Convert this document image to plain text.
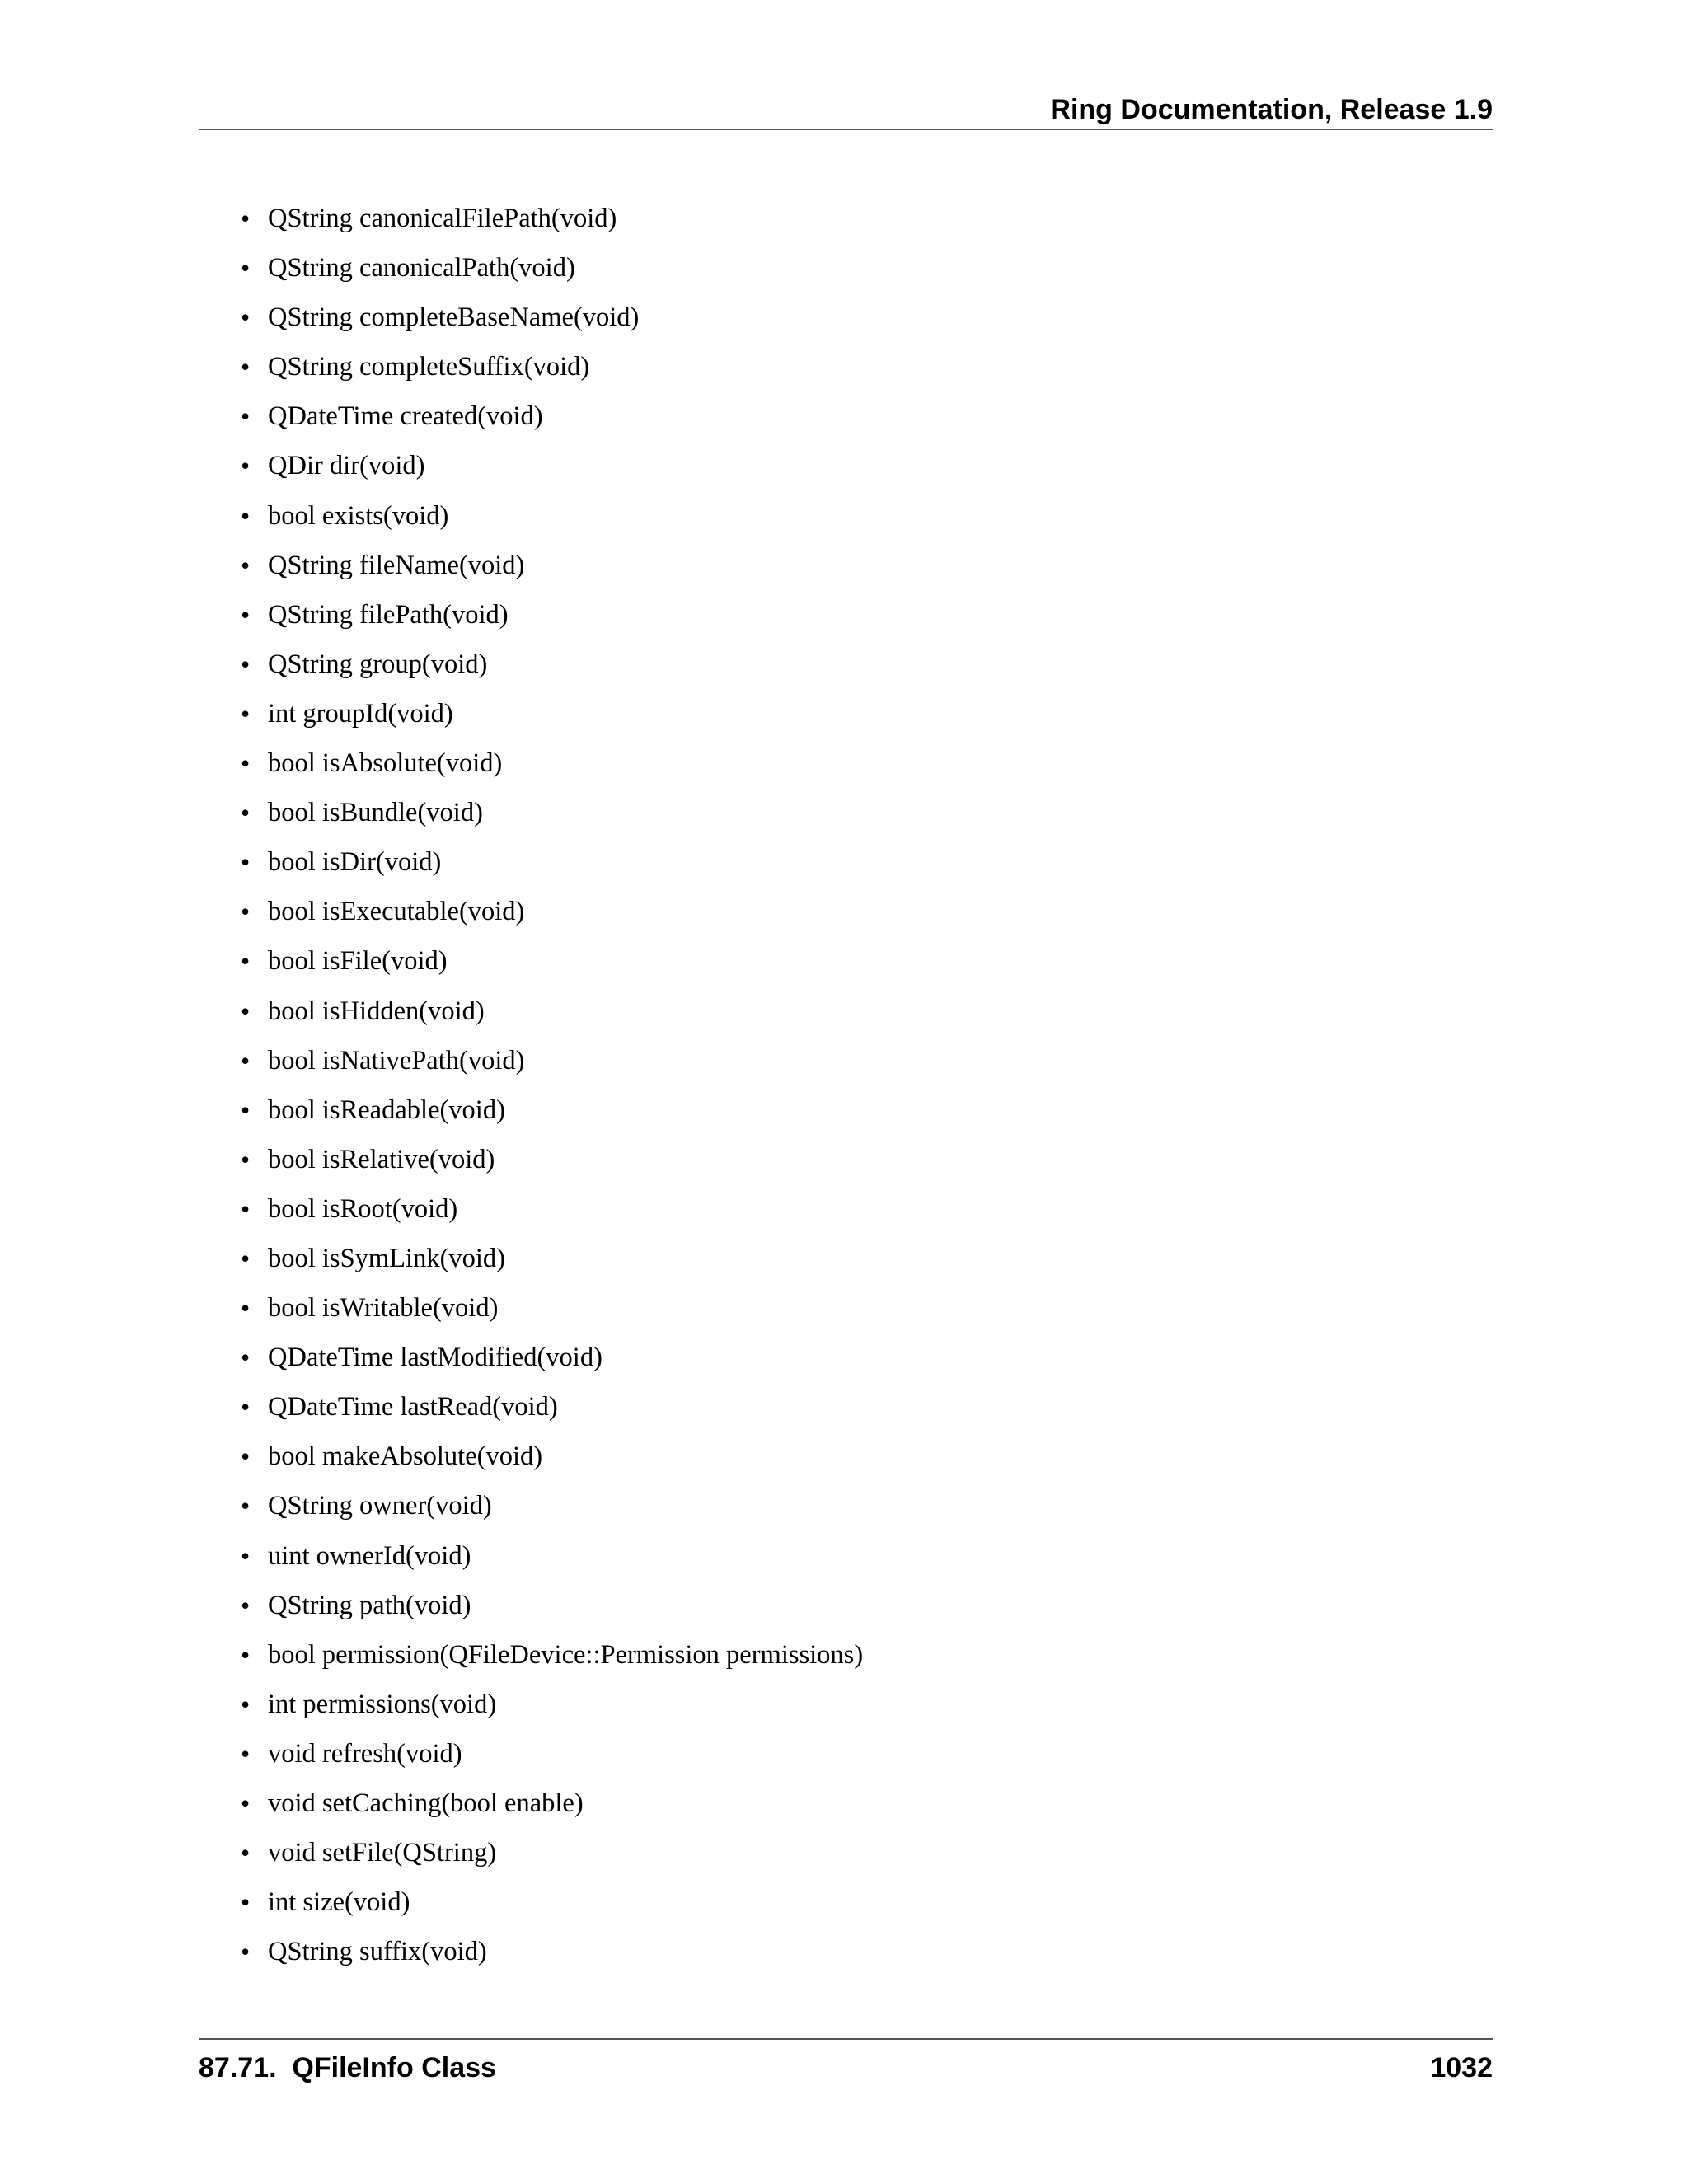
Ring Documentation, Release 1.9
• QString canonicalFilePath(void)
• QString canonicalPath(void)
• QString completeBaseName(void)
• QString completeSuffix(void)
• QDateTime created(void)
• QDir dir(void)
• bool exists(void)
• QString fileName(void)
• QString filePath(void)
• QString group(void)
• int groupId(void)
• bool isAbsolute(void)
• bool isBundle(void)
• bool isDir(void)
• bool isExecutable(void)
• bool isFile(void)
• bool isHidden(void)
• bool isNativePath(void)
• bool isReadable(void)
• bool isRelative(void)
• bool isRoot(void)
• bool isSymLink(void)
• bool isWritable(void)
• QDateTime lastModified(void)
• QDateTime lastRead(void)
• bool makeAbsolute(void)
• QString owner(void)
• uint ownerId(void)
• QString path(void)
• bool permission(QFileDevice::Permission permissions)
• int permissions(void)
• void refresh(void)
• void setCaching(bool enable)
• void setFile(QString)
• int size(void)
• QString suffix(void)
87.71.  QFileInfo Class	1032
